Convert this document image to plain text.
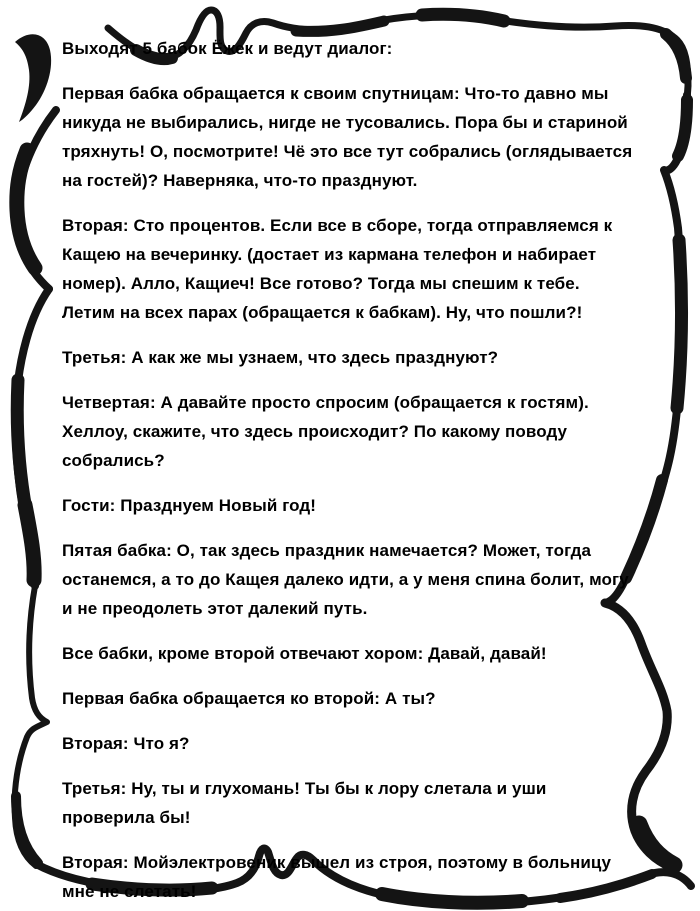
Выходят 5 бабок Ёжек и ведут диалог:

Первая бабка обращается к своим спутницам: Что-то давно мы никуда не выбирались, нигде не тусовались. Пора бы и стариной тряхнуть! О, посмотрите! Чё это все тут собрались (оглядывается на гостей)? Наверняка, что-то празднуют.

Вторая: Сто процентов. Если все в сборе, тогда отправляемся к Кащею на вечеринку. (достает из кармана телефон и набирает номер). Алло, Кащиеч! Все готово? Тогда мы спешим к тебе. Летим на всех парах (обращается к бабкам). Ну, что пошли?!

Третья: А как же мы узнаем, что здесь празднуют?

Четвертая: А давайте просто спросим (обращается к гостям). Хеллоу, скажите, что здесь происходит? По какому поводу собрались?

Гости: Празднуем Новый год!

Пятая бабка: О, так здесь праздник намечается? Может, тогда останемся, а то до Кащея далеко идти, а у меня спина болит, могу и не преодолеть этот далекий путь.

Все бабки, кроме второй отвечают хором: Давай, давай!

Первая бабка обращается ко второй: А ты?

Вторая: Что я?

Третья: Ну, ты и глухомань! Ты бы к лору слетала и уши проверила бы!

Вторая: Мойэлектровеник вышел из строя, поэтому в больницу мне не слетать!
